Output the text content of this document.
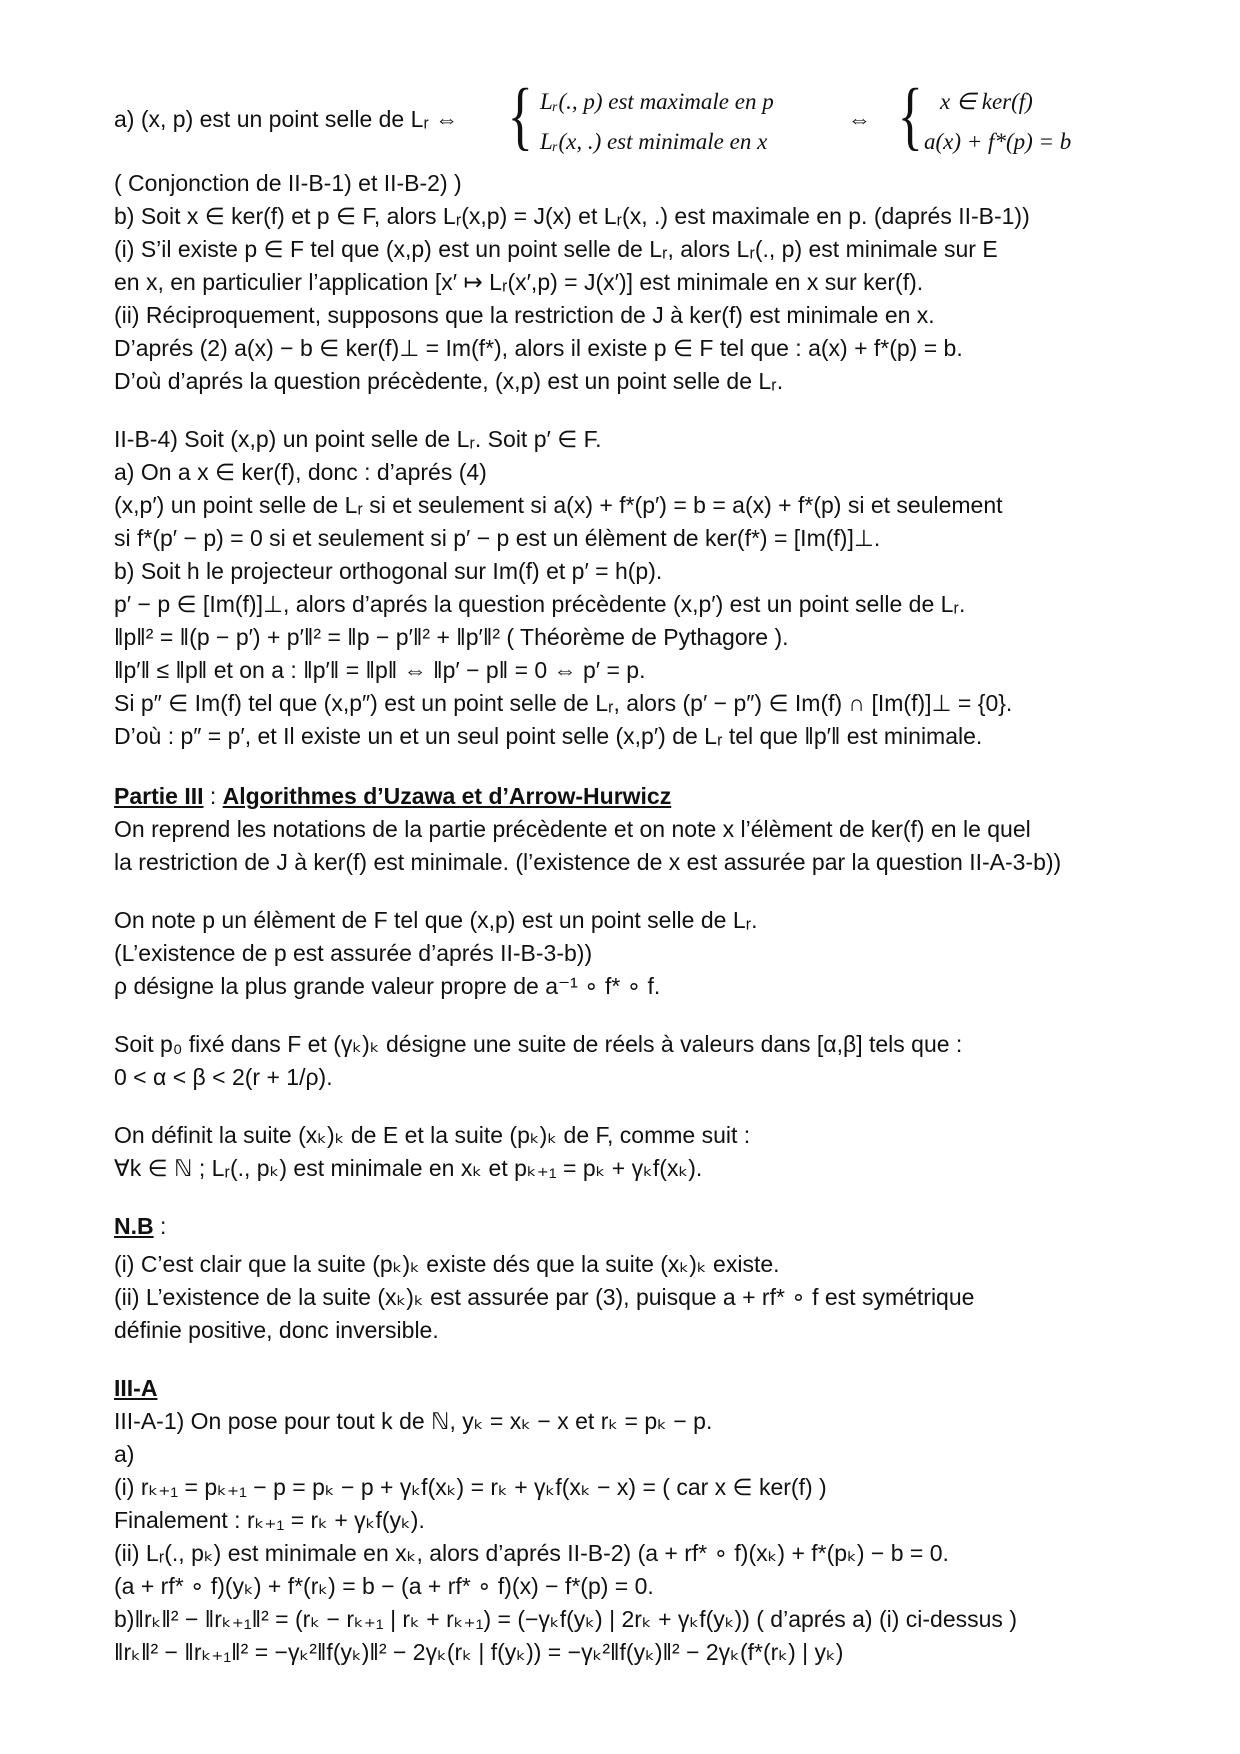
a) (x, p) est un point selle de Lᵣ ⇔ { Lᵣ(., p) est maximale en p
Lᵣ(x, .) est minimale en x
⇔ { x ∈ ker(f)
a(x) + f*(p) = b
( Conjonction de II-B-1) et II-B-2) )
b) Soit x ∈ ker(f) et p ∈ F, alors Lᵣ(x,p) = J(x) et Lᵣ(x, .) est maximale en p. (daprés II-B-1))
(i) S’il existe p ∈ F tel que (x,p) est un point selle de Lᵣ, alors Lᵣ(., p) est minimale sur E
en x, en particulier l’application [x′ ↦ Lᵣ(x′,p) = J(x′)] est minimale en x sur ker(f).
(ii) Réciproquement, supposons que la restriction de J à ker(f) est minimale en x.
D’aprés (2) a(x) − b ∈ ker(f)⊥ = Im(f*), alors il existe p ∈ F tel que : a(x) + f*(p) = b.
D’où d’aprés la question précèdente, (x,p) est un point selle de Lᵣ.
II-B-4) Soit (x,p) un point selle de Lᵣ. Soit p′ ∈ F.
a) On a x ∈ ker(f), donc : d’aprés (4)
(x,p′) un point selle de Lᵣ si et seulement si a(x) + f*(p′) = b = a(x) + f*(p) si et seulement
si f*(p′ − p) = 0 si et seulement si p′ − p est un élèment de ker(f*) = [Im(f)]⊥.
b) Soit h le projecteur orthogonal sur Im(f) et p′ = h(p).
p′ − p ∈ [Im(f)]⊥, alors d’aprés la question précèdente (x,p′) est un point selle de Lᵣ.
‖p‖² = ‖(p − p′) + p′‖² = ‖p − p′‖² + ‖p′‖² ( Théorème de Pythagore ).
‖p′‖ ≤ ‖p‖ et on a : ‖p′‖ = ‖p‖ ⇔ ‖p′ − p‖ = 0 ⇔ p′ = p.
Si p″ ∈ Im(f) tel que (x,p″) est un point selle de Lᵣ, alors (p′ − p″) ∈ Im(f) ∩ [Im(f)]⊥ = {0}.
D’où : p″ = p′, et Il existe un et un seul point selle (x,p′) de Lᵣ tel que ‖p′‖ est minimale.
Partie III : Algorithmes d’Uzawa et d’Arrow-Hurwicz
On reprend les notations de la partie précèdente et on note x l’élèment de ker(f) en le quel
la restriction de J à ker(f) est minimale. (l’existence de x est assurée par la question II-A-3-b))
On note p un élèment de F tel que (x,p) est un point selle de Lᵣ.
(L’existence de p est assurée d’aprés II-B-3-b))
ρ désigne la plus grande valeur propre de a⁻¹ ∘ f* ∘ f.
Soit p₀ fixé dans F et (γₖ)ₖ désigne une suite de réels à valeurs dans [α,β] tels que :
0 < α < β < 2(r + 1/ρ).
On définit la suite (xₖ)ₖ de E et la suite (pₖ)ₖ de F, comme suit :
∀k ∈ ℕ ; Lᵣ(., pₖ) est minimale en xₖ et pₖ₊₁ = pₖ + γₖf(xₖ).
N.B :
(i) C’est clair que la suite (pₖ)ₖ existe dés que la suite (xₖ)ₖ existe.
(ii) L’existence de la suite (xₖ)ₖ est assurée par (3), puisque a + rf* ∘ f est symétrique
définie positive, donc inversible.
III-A
III-A-1) On pose pour tout k de ℕ, yₖ = xₖ − x et rₖ = pₖ − p.
a)
(i) rₖ₊₁ = pₖ₊₁ − p = pₖ − p + γₖf(xₖ) = rₖ + γₖf(xₖ − x) = ( car x ∈ ker(f) )
Finalement : rₖ₊₁ = rₖ + γₖf(yₖ).
(ii) Lᵣ(., pₖ) est minimale en xₖ, alors d’aprés II-B-2) (a + rf* ∘ f)(xₖ) + f*(pₖ) − b = 0.
(a + rf* ∘ f)(yₖ) + f*(rₖ) = b − (a + rf* ∘ f)(x) − f*(p) = 0.
b)‖rₖ‖² − ‖rₖ₊₁‖² = (rₖ − rₖ₊₁ | rₖ + rₖ₊₁) = (−γₖf(yₖ) | 2rₖ + γₖf(yₖ)) ( d’aprés a) (i) ci-dessus )
‖rₖ‖² − ‖rₖ₊₁‖² = −γₖ²‖f(yₖ)‖² − 2γₖ(rₖ | f(yₖ)) = −γₖ²‖f(yₖ)‖² − 2γₖ(f*(rₖ) | yₖ)
